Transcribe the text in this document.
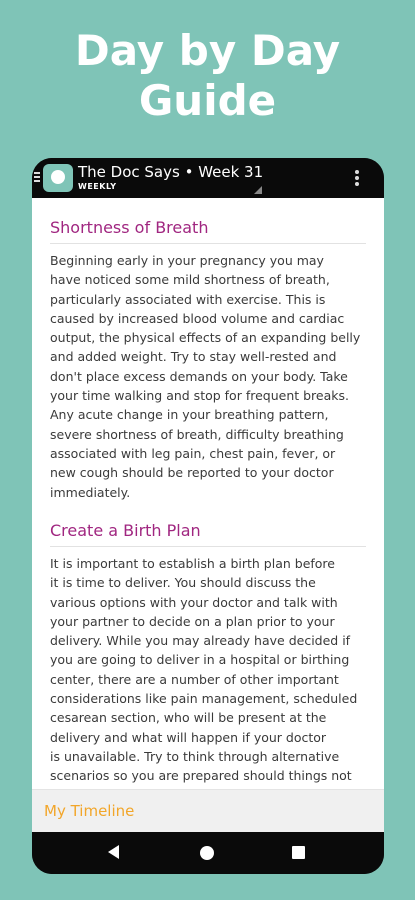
Day by Day
Guide
The Doc Says • Week 31
WEEKLY
Shortness of Breath
Beginning early in your pregnancy you may
have noticed some mild shortness of breath,
particularly associated with exercise. This is
caused by increased blood volume and cardiac
output, the physical effects of an expanding belly
and added weight. Try to stay well-rested and
don't place excess demands on your body. Take
your time walking and stop for frequent breaks.
Any acute change in your breathing pattern,
severe shortness of breath, difficulty breathing
associated with leg pain, chest pain, fever, or
new cough should be reported to your doctor
immediately.
Create a Birth Plan
It is important to establish a birth plan before
it is time to deliver. You should discuss the
various options with your doctor and talk with
your partner to decide on a plan prior to your
delivery. While you may already have decided if
you are going to deliver in a hospital or birthing
center, there are a number of other important
considerations like pain management, scheduled
cesarean section, who will be present at the
delivery and what will happen if your doctor
is unavailable. Try to think through alternative
scenarios so you are prepared should things not
My Timeline
